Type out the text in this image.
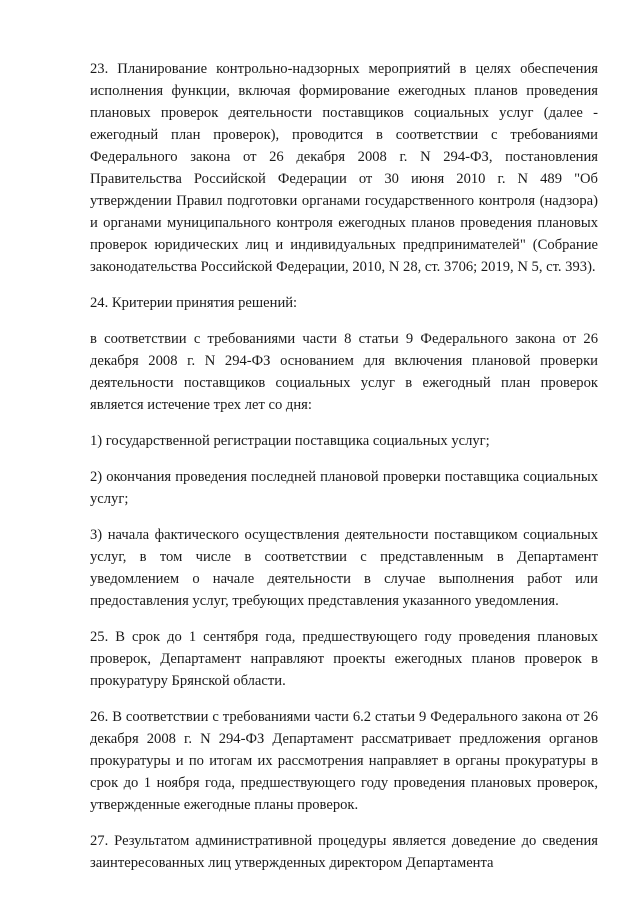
23. Планирование контрольно-надзорных мероприятий в целях обеспечения исполнения функции, включая формирование ежегодных планов проведения плановых проверок деятельности поставщиков социальных услуг (далее - ежегодный план проверок), проводится в соответствии с требованиями Федерального закона от 26 декабря 2008 г. N 294-ФЗ, постановления Правительства Российской Федерации от 30 июня 2010 г. N 489 "Об утверждении Правил подготовки органами государственного контроля (надзора) и органами муниципального контроля ежегодных планов проведения плановых проверок юридических лиц и индивидуальных предпринимателей" (Собрание законодательства Российской Федерации, 2010, N 28, ст. 3706; 2019, N 5, ст. 393).

24. Критерии принятия решений:

в соответствии с требованиями части 8 статьи 9 Федерального закона от 26 декабря 2008 г. N 294-ФЗ основанием для включения плановой проверки деятельности поставщиков социальных услуг в ежегодный план проверок является истечение трех лет со дня:

1) государственной регистрации поставщика социальных услуг;

2) окончания проведения последней плановой проверки поставщика социальных услуг;

3) начала фактического осуществления деятельности поставщиком социальных услуг, в том числе в соответствии с представленным в Департамент уведомлением о начале деятельности в случае выполнения работ или предоставления услуг, требующих представления указанного уведомления.

25. В срок до 1 сентября года, предшествующего году проведения плановых проверок, Департамент направляют проекты ежегодных планов проверок в прокуратуру Брянской области.

26. В соответствии с требованиями части 6.2 статьи 9 Федерального закона от 26 декабря 2008 г. N 294-ФЗ Департамент рассматривает предложения органов прокуратуры и по итогам их рассмотрения направляет в органы прокуратуры в срок до 1 ноября года, предшествующего году проведения плановых проверок, утвержденные ежегодные планы проверок.

27. Результатом административной процедуры является доведение до сведения заинтересованных лиц утвержденных директором Департамента
